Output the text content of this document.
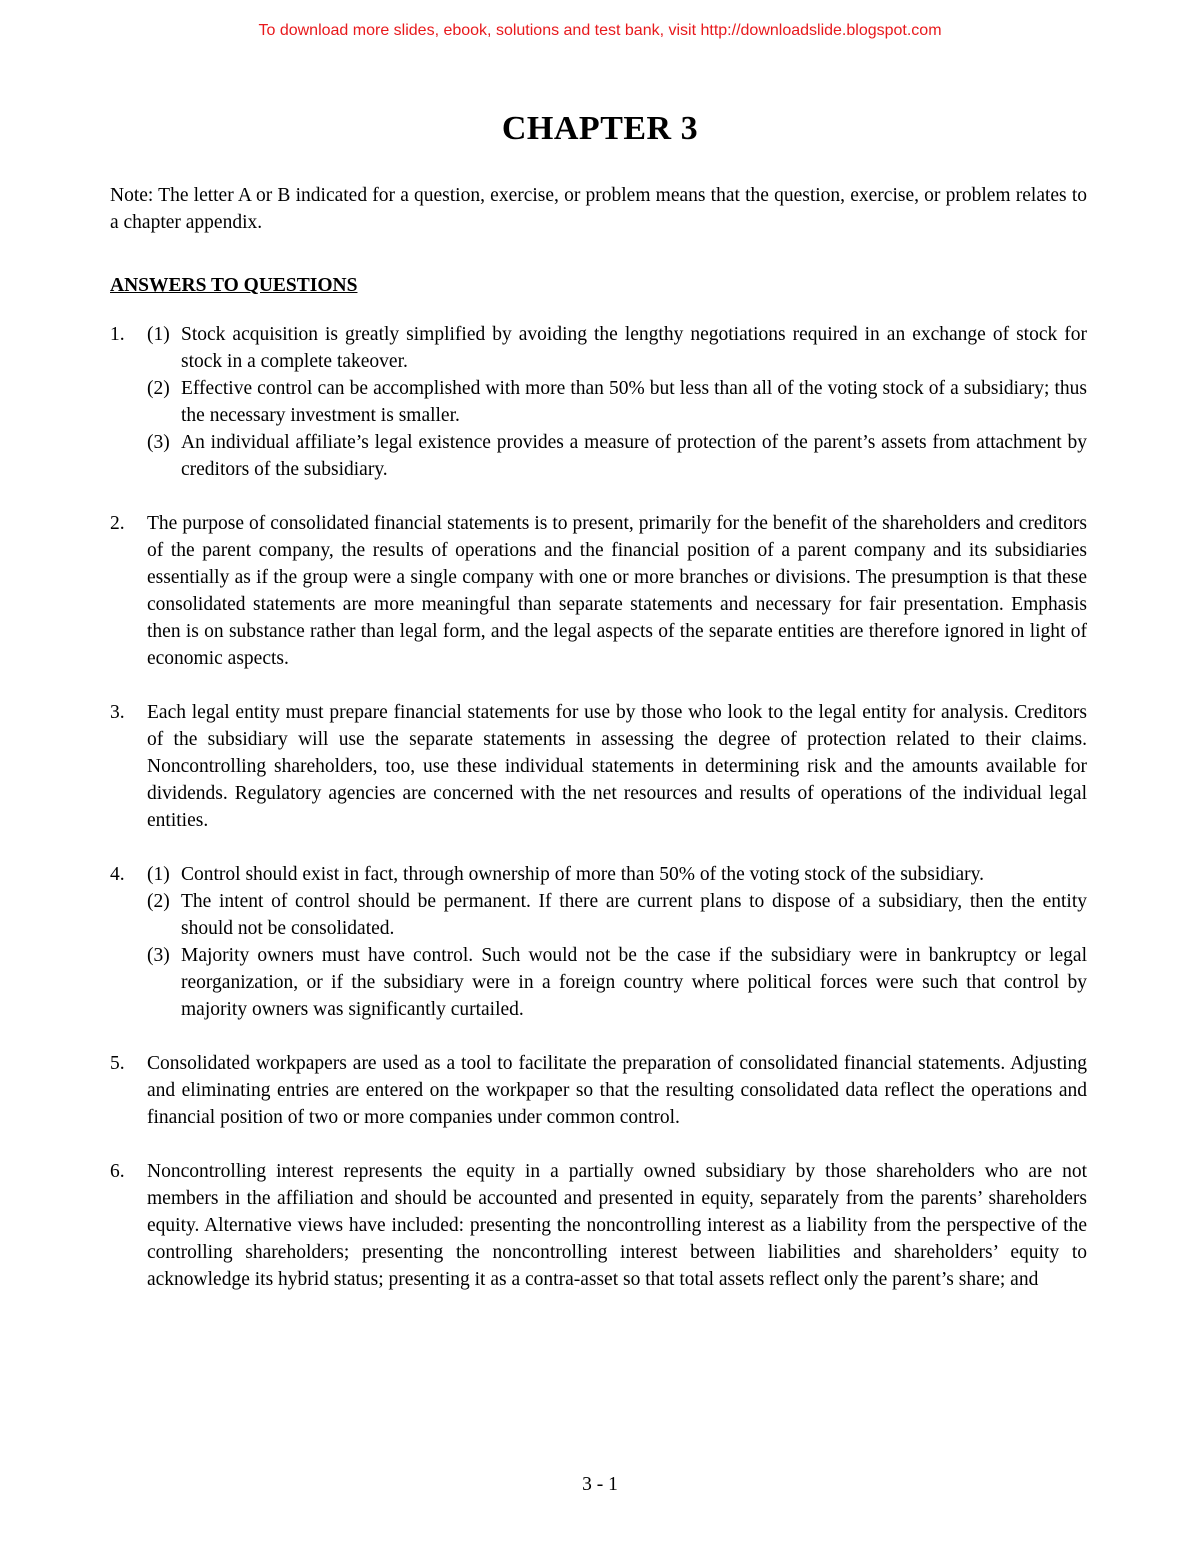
To download more slides, ebook, solutions and test bank, visit http://downloadslide.blogspot.com
CHAPTER 3

Note: The letter A or B indicated for a question, exercise, or problem means that the question, exercise, or problem relates to a chapter appendix.

ANSWERS TO QUESTIONS
1. (1) Stock acquisition is greatly simplified by avoiding the lengthy negotiations required in an exchange of stock for stock in a complete takeover.
(2) Effective control can be accomplished with more than 50% but less than all of the voting stock of a subsidiary; thus the necessary investment is smaller.
(3) An individual affiliate’s legal existence provides a measure of protection of the parent’s assets from attachment by creditors of the subsidiary.
2. The purpose of consolidated financial statements is to present, primarily for the benefit of the shareholders and creditors of the parent company, the results of operations and the financial position of a parent company and its subsidiaries essentially as if the group were a single company with one or more branches or divisions. The presumption is that these consolidated statements are more meaningful than separate statements and necessary for fair presentation. Emphasis then is on substance rather than legal form, and the legal aspects of the separate entities are therefore ignored in light of economic aspects.
3. Each legal entity must prepare financial statements for use by those who look to the legal entity for analysis. Creditors of the subsidiary will use the separate statements in assessing the degree of protection related to their claims. Noncontrolling shareholders, too, use these individual statements in determining risk and the amounts available for dividends. Regulatory agencies are concerned with the net resources and results of operations of the individual legal entities.
4. (1) Control should exist in fact, through ownership of more than 50% of the voting stock of the subsidiary.
(2) The intent of control should be permanent. If there are current plans to dispose of a subsidiary, then the entity should not be consolidated.
(3) Majority owners must have control. Such would not be the case if the subsidiary were in bankruptcy or legal reorganization, or if the subsidiary were in a foreign country where political forces were such that control by majority owners was significantly curtailed.
5. Consolidated workpapers are used as a tool to facilitate the preparation of consolidated financial statements. Adjusting and eliminating entries are entered on the workpaper so that the resulting consolidated data reflect the operations and financial position of two or more companies under common control.
6. Noncontrolling interest represents the equity in a partially owned subsidiary by those shareholders who are not members in the affiliation and should be accounted and presented in equity, separately from the parents’ shareholders equity. Alternative views have included: presenting the noncontrolling interest as a liability from the perspective of the controlling shareholders; presenting the noncontrolling interest between liabilities and shareholders’ equity to acknowledge its hybrid status; presenting it as a contra-asset so that total assets reflect only the parent’s share; and
3 - 1
